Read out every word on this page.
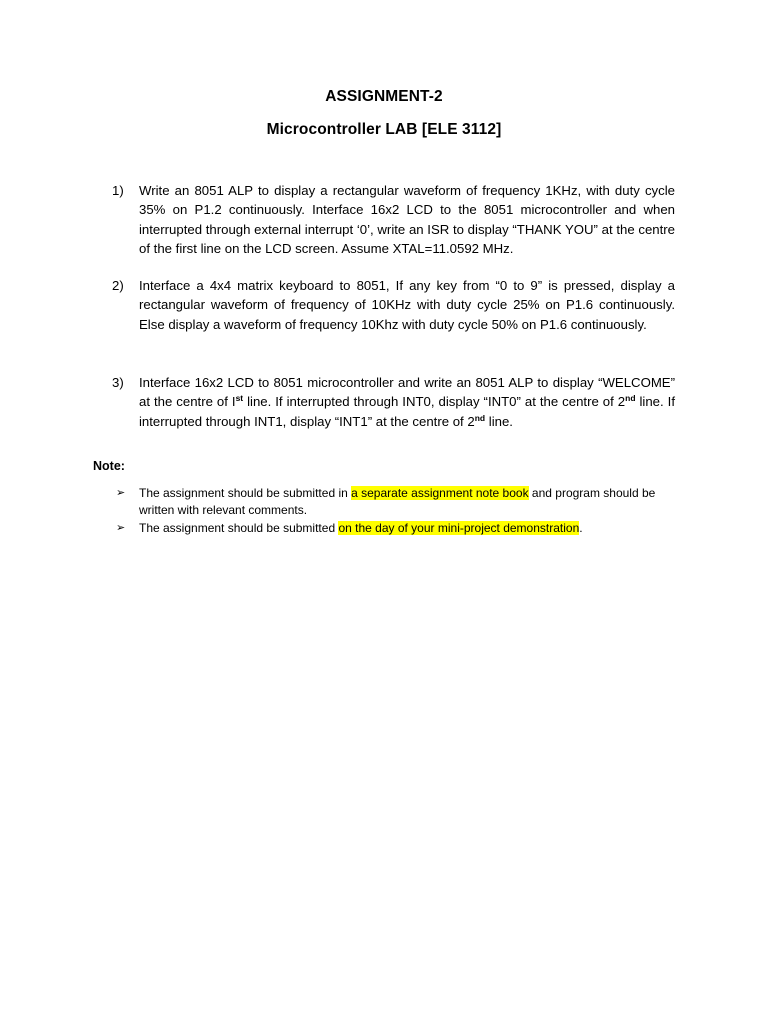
ASSIGNMENT-2
Microcontroller LAB [ELE 3112]
1)	Write an 8051 ALP to display a rectangular waveform of frequency 1KHz, with duty cycle 35% on P1.2 continuously. Interface 16x2 LCD to the 8051 microcontroller and when interrupted through external interrupt ‘0’, write an ISR to display “THANK YOU” at the centre of the first line on the LCD screen. Assume XTAL=11.0592 MHz.
2)	Interface a 4x4 matrix keyboard to 8051, If any key from “0 to 9” is pressed, display a rectangular waveform of frequency of 10KHz with duty cycle 25% on P1.6 continuously. Else display a waveform of frequency 10Khz with duty cycle 50% on P1.6 continuously.
3)	Interface 16x2 LCD to 8051 microcontroller and write an 8051 ALP to display “WELCOME” at the centre of Ist line. If interrupted through INT0, display “INT0” at the centre of 2nd line. If interrupted through INT1, display “INT1” at the centre of 2nd line.
Note:
➢ The assignment should be submitted in a separate assignment note book and program should be written with relevant comments.
➢ The assignment should be submitted on the day of your mini-project demonstration.
